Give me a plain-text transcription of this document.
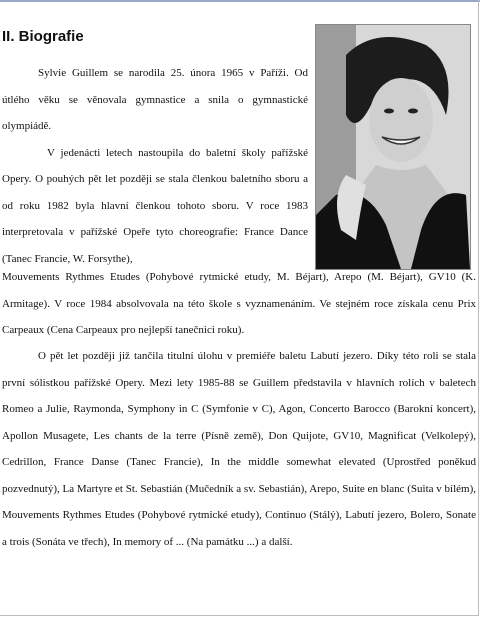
II. Biografie

Sylvie Guillem se narodila 25. února 1965 v Paříži. Od útlého věku se věnovala gymnastice a snila o gymnastické olympiádě.

V jedenácti letech nastoupila do baletní školy pařížské Opery. O pouhých pět let později se stala členkou baletního sboru a od roku 1982 byla hlavní členkou tohoto sboru. V roce 1983 interpretovala v pařížské Opeře tyto choreografie: France Dance (Tanec Francie, W. Forsythe),

Mouvements Rythmes Etudes (Pohybové rytmické etudy, M. Béjart), Arepo (M. Béjart), GV10 (K. Armitage). V roce 1984 absolvovala na této škole s vyznamenáním. Ve stejném roce získala cenu Prix Carpeaux (Cena Carpeaux pro nejlepší tanečnici roku).
O pět let později již tančila titulní úlohu v premiéře baletu Labutí jezero. Díky této roli se stala první sólistkou pařížské Opery. Mezi lety 1985-88 se Guillem představila v hlavních rolích v baletech Romeo a Julie, Raymonda, Symphony in C (Symfonie v C), Agon, Concerto Barocco (Barokní koncert), Apollon Musagete, Les chants de la terre (Písně země), Don Quijote, GV10, Magnificat (Velkolepý), Cedrillon, France Danse (Tanec Francie), In the middle somewhat elevated (Uprostřed poněkud pozvednutý), La Martyre et St. Sebastián (Mučedník a sv. Sebastián), Arepo, Suite en blanc (Suita v bílém), Mouvements Rythmes Etudes (Pohybové rytmické etudy), Continuo (Stálý), Labutí jezero, Bolero, Sonate a trois (Sonáta ve třech), In memory of ... (Na památku ...) a další.
